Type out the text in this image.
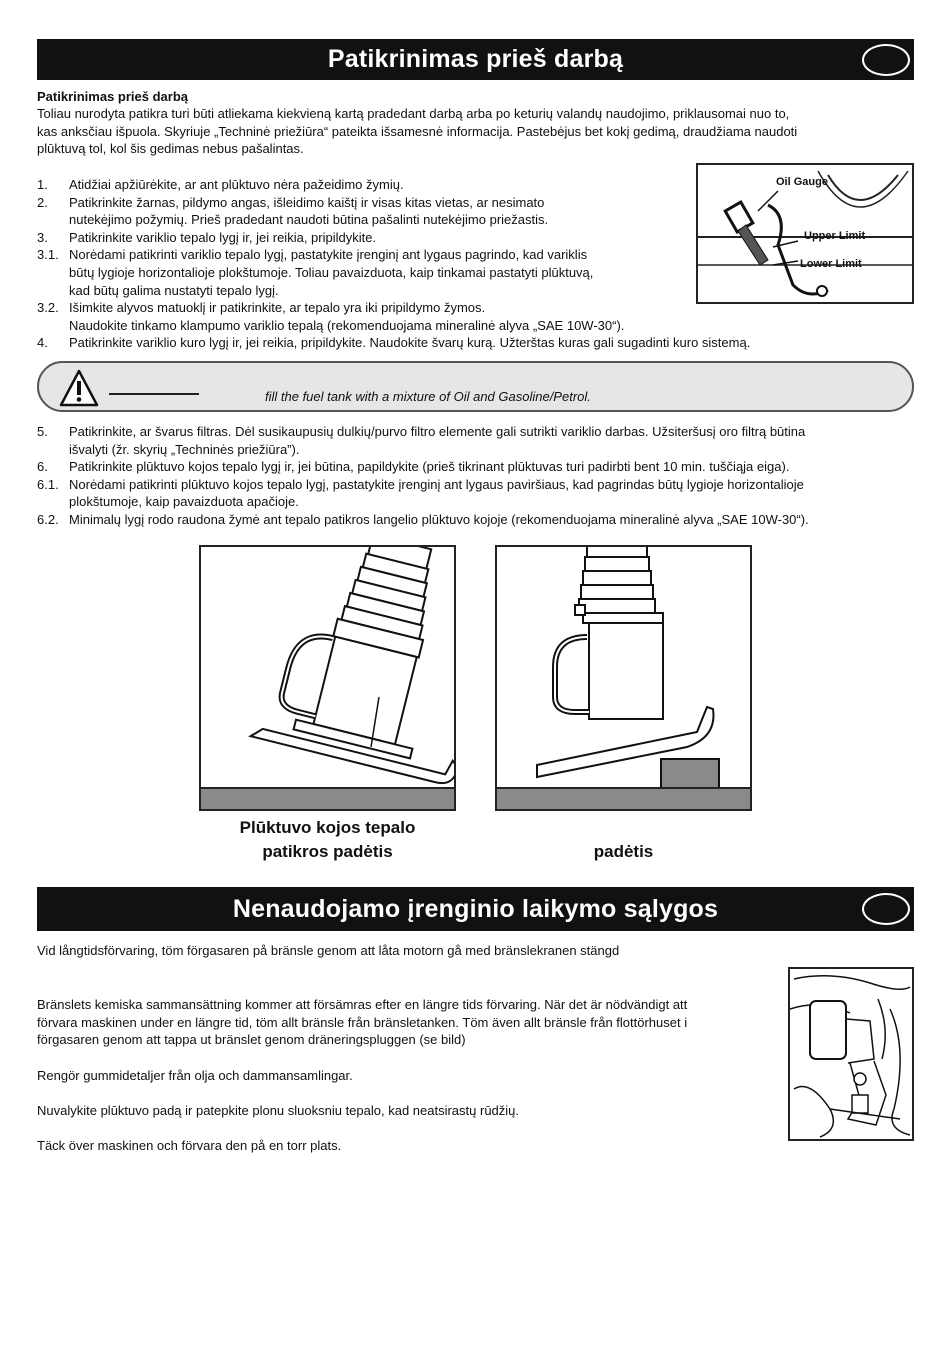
Patikrinimas prieš darbą
Patikrinimas prieš darbą
Toliau nurodyta patikra turi būti atliekama kiekvieną kartą pradedant darbą arba po keturių valandų naudojimo, priklausomai nuo to,
kas anksčiau išpuola. Skyriuje „Techninė priežiūra“ pateikta išsamesnė informacija. Pastebėjus bet kokį gedimą, draudžiama naudoti
plūktuvą tol, kol šis gedimas nebus pašalintas.
1.	Atidžiai apžiūrėkite, ar ant plūktuvo nėra pažeidimo žymių.
2.	Patikrinkite žarnas, pildymo angas, išleidimo kaištį ir visas kitas vietas, ar nesimato
nutekėjimo požymių. Prieš pradedant naudoti būtina pašalinti nutekėjimo priežastis.
3.	Patikrinkite variklio tepalo lygį ir, jei reikia, pripildykite.
3.1. Norėdami patikrinti variklio tepalo lygį, pastatykite įrenginį ant lygaus pagrindo, kad variklis
būtų lygioje horizontalioje plokštumoje. Toliau pavaizduota, kaip tinkamai pastatyti plūktuvą,
kad būtų galima nustatyti tepalo lygį.
3.2. Išimkite alyvos matuoklį ir patikrinkite, ar tepalo yra iki pripildymo žymos.
Naudokite tinkamo klampumo variklio tepalą (rekomenduojama mineralinė alyva „SAE 10W-30“).
4.	Patikrinkite variklio kuro lygį ir, jei reikia, pripildykite. Naudokite švarų kurą. Užterštas kuras gali sugadinti kuro sistemą.
Oil Gauge
Upper Limit
Lower Limit
fill the fuel tank with a mixture of Oil and Gasoline/Petrol.
5.	Patikrinkite, ar švarus filtras. Dėl susikaupusių dulkių/purvo filtro elemente gali sutrikti variklio darbas. Užsiteršusį oro filtrą būtina
išvalyti (žr. skyrių „Techninės priežiūra”).
6.	Patikrinkite plūktuvo kojos tepalo lygį ir, jei būtina, papildykite (prieš tikrinant plūktuvas turi padirbti bent 10 min. tuščiąja eiga).
6.1. Norėdami patikrinti plūktuvo kojos tepalo lygį, pastatykite įrenginį ant lygaus paviršiaus, kad pagrindas būtų lygioje horizontalioje
plokštumoje, kaip pavaizduota apačioje.
6.2. Minimalų lygį rodo raudona žymė ant tepalo patikros langelio plūktuvo kojoje (rekomenduojama mineralinė alyva „SAE 10W-30“).
Plūktuvo kojos tepalo
patikros padėtis	padėtis
Nenaudojamo įrenginio laikymo sąlygos
Vid långtidsförvaring, töm förgasaren på bränsle genom att låta motorn gå med bränslekranen stängd
Bränslets kemiska sammansättning kommer att försämras efter en längre tids förvaring. När det är nödvändigt att
förvara maskinen under en längre tid, töm allt bränsle från bränsletanken. Töm även allt bränsle från flottörhuset i
förgasaren genom att tappa ut bränslet genom dräneringspluggen (se bild)
Rengör gummidetaljer från olja och dammansamlingar.
Nuvalykite plūktuvo padą ir patepkite plonu sluoksniu tepalo, kad neatsirastų rūdžių.
Täck över maskinen och förvara den på en torr plats.
